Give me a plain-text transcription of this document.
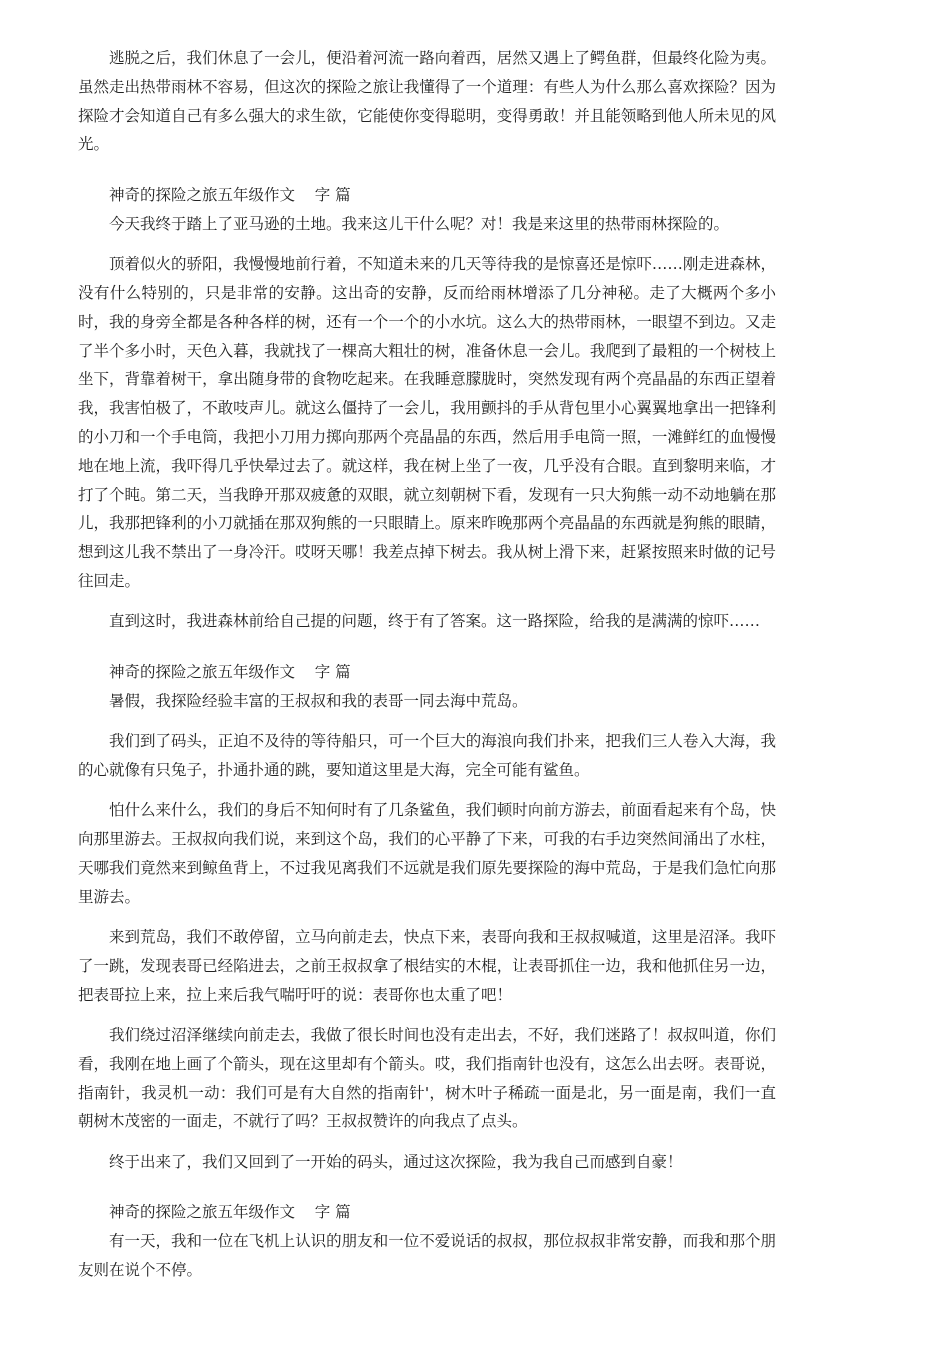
逃脱之后，我们休息了一会儿，便沿着河流一路向着西，居然又遇上了鳄鱼群，但最终化险为夷。虽然走出热带雨林不容易，但这次的探险之旅让我懂得了一个道理：有些人为什么那么喜欢探险？因为探险才会知道自己有多么强大的求生欲，它能使你变得聪明，变得勇敢！并且能领略到他人所未见的风光。

神奇的探险之旅五年级作文    字 篇

今天我终于踏上了亚马逊的土地。我来这儿干什么呢？对！我是来这里的热带雨林探险的。

顶着似火的骄阳，我慢慢地前行着，不知道未来的几天等待我的是惊喜还是惊吓……刚走进森林，没有什么特别的，只是非常的安静。这出奇的安静，反而给雨林增添了几分神秘。走了大概两个多小时，我的身旁全都是各种各样的树，还有一个一个的小水坑。这么大的热带雨林，一眼望不到边。又走了半个多小时，天色入暮，我就找了一棵高大粗壮的树，准备休息一会儿。我爬到了最粗的一个树枝上坐下，背靠着树干，拿出随身带的食物吃起来。在我睡意朦胧时，突然发现有两个亮晶晶的东西正望着我，我害怕极了，不敢吱声儿。就这么僵持了一会儿，我用颤抖的手从背包里小心翼翼地拿出一把锋利的小刀和一个手电筒，我把小刀用力掷向那两个亮晶晶的东西，然后用手电筒一照，一滩鲜红的血慢慢地在地上流，我吓得几乎快晕过去了。就这样，我在树上坐了一夜，几乎没有合眼。直到黎明来临，才打了个盹。第二天，当我睁开那双疲惫的双眼，就立刻朝树下看，发现有一只大狗熊一动不动地躺在那儿，我那把锋利的小刀就插在那双狗熊的一只眼睛上。原来昨晚那两个亮晶晶的东西就是狗熊的眼睛，想到这儿我不禁出了一身冷汗。哎呀天哪！我差点掉下树去。我从树上滑下来，赶紧按照来时做的记号往回走。

直到这时，我进森林前给自己提的问题，终于有了答案。这一路探险，给我的是满满的惊吓……

神奇的探险之旅五年级作文    字 篇

暑假，我探险经验丰富的王叔叔和我的表哥一同去海中荒岛。

我们到了码头，正迫不及待的等待船只，可一个巨大的海浪向我们扑来，把我们三人卷入大海，我的心就像有只兔子，扑通扑通的跳，要知道这里是大海，完全可能有鲨鱼。

怕什么来什么，我们的身后不知何时有了几条鲨鱼，我们顿时向前方游去，前面看起来有个岛，快向那里游去。王叔叔向我们说，来到这个岛，我们的心平静了下来，可我的右手边突然间涌出了水柱，天哪我们竟然来到鲸鱼背上，不过我见离我们不远就是我们原先要探险的海中荒岛，于是我们急忙向那里游去。

来到荒岛，我们不敢停留，立马向前走去，快点下来，表哥向我和王叔叔喊道，这里是沼泽。我吓了一跳，发现表哥已经陷进去，之前王叔叔拿了根结实的木棍，让表哥抓住一边，我和他抓住另一边，把表哥拉上来，拉上来后我气喘吁吁的说：表哥你也太重了吧！

我们绕过沼泽继续向前走去，我做了很长时间也没有走出去，不好，我们迷路了！叔叔叫道，你们看，我刚在地上画了个箭头，现在这里却有个箭头。哎，我们指南针也没有，这怎么出去呀。表哥说，指南针，我灵机一动：我们可是有大自然的指南针'，树木叶子稀疏一面是北，另一面是南，我们一直朝树木茂密的一面走，不就行了吗？王叔叔赞许的向我点了点头。

终于出来了，我们又回到了一开始的码头，通过这次探险，我为我自己而感到自豪！

神奇的探险之旅五年级作文    字 篇

有一天，我和一位在飞机上认识的朋友和一位不爱说话的叔叔，那位叔叔非常安静，而我和那个朋友则在说个不停。
